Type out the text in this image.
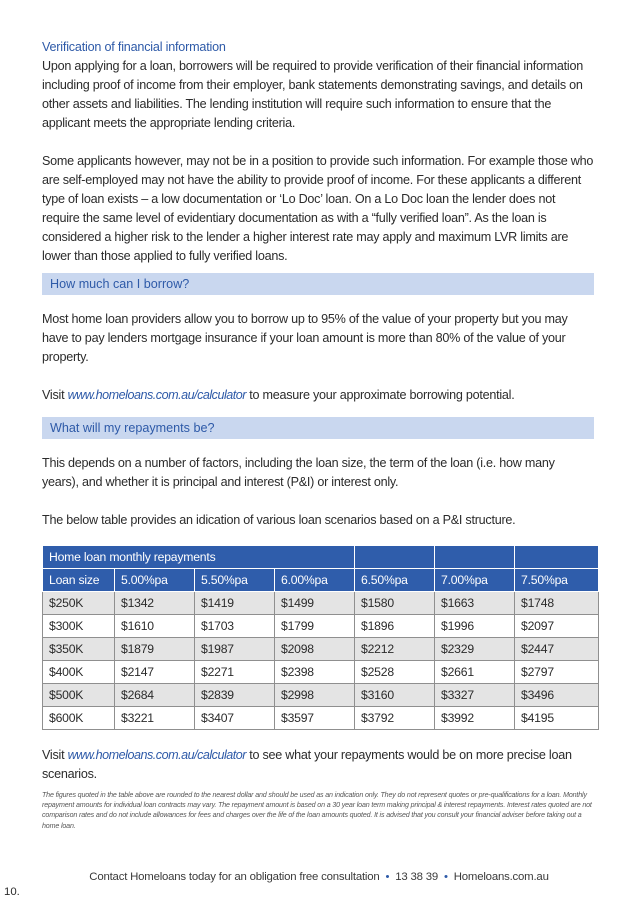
Verification of financial information

Upon applying for a loan, borrowers will be required to provide verification of their financial information including proof of income from their employer, bank statements demonstrating savings, and details on other assets and liabilities. The lending institution will require such information to ensure that the applicant meets the appropriate lending criteria.

Some applicants however, may not be in a position to provide such information. For example those who are self-employed may not have the ability to provide proof of income. For these applicants a different type of loan exists – a low documentation or ‘Lo Doc’ loan. On a Lo Doc loan the lender does not require the same level of evidentiary documentation as with a “fully verified loan”. As the loan is considered a higher risk to the lender a higher interest rate may apply and maximum LVR limits are lower than those applied to fully verified loans.

How much can I borrow?

Most home loan providers allow you to borrow up to 95% of the value of your property but you may have to pay lenders mortgage insurance if your loan amount is more than 80% of the value of your property.

Visit www.homeloans.com.au/calculator to measure your approximate borrowing potential.

What will my repayments be?

This depends on a number of factors, including the loan size, the term of the loan (i.e. how many years), and whether it is principal and interest (P&I) or interest only.

The below table provides an idication of various loan scenarios based on a P&I structure.

Home loan monthly repayments						
Loan size	5.00%pa	5.50%pa	6.00%pa	6.50%pa	7.00%pa	7.50%pa
$250K	$1342	$1419	$1499	$1580	$1663	$1748
$300K	$1610	$1703	$1799	$1896	$1996	$2097
$350K	$1879	$1987	$2098	$2212	$2329	$2447
$400K	$2147	$2271	$2398	$2528	$2661	$2797
$500K	$2684	$2839	$2998	$3160	$3327	$3496
$600K	$3221	$3407	$3597	$3792	$3992	$4195

Visit www.homeloans.com.au/calculator to see what your repayments would be on more precise loan scenarios.

The figures quoted in the table above are rounded to the nearest dollar and should be used as an indication only. They do not represent quotes or pre-qualifications for a loan. Monthly repayment amounts for individual loan contracts may vary. The repayment amount is based on a 30 year loan term making principal & interest repayments. Interest rates quoted are not comparison rates and do not include allowances for fees and charges over the life of the loan amounts quoted. It is advised that you consult your financial adviser before taking out a home loan.
Contact Homeloans today for an obligation free consultation • 13 38 39 • Homeloans.com.au
10.
